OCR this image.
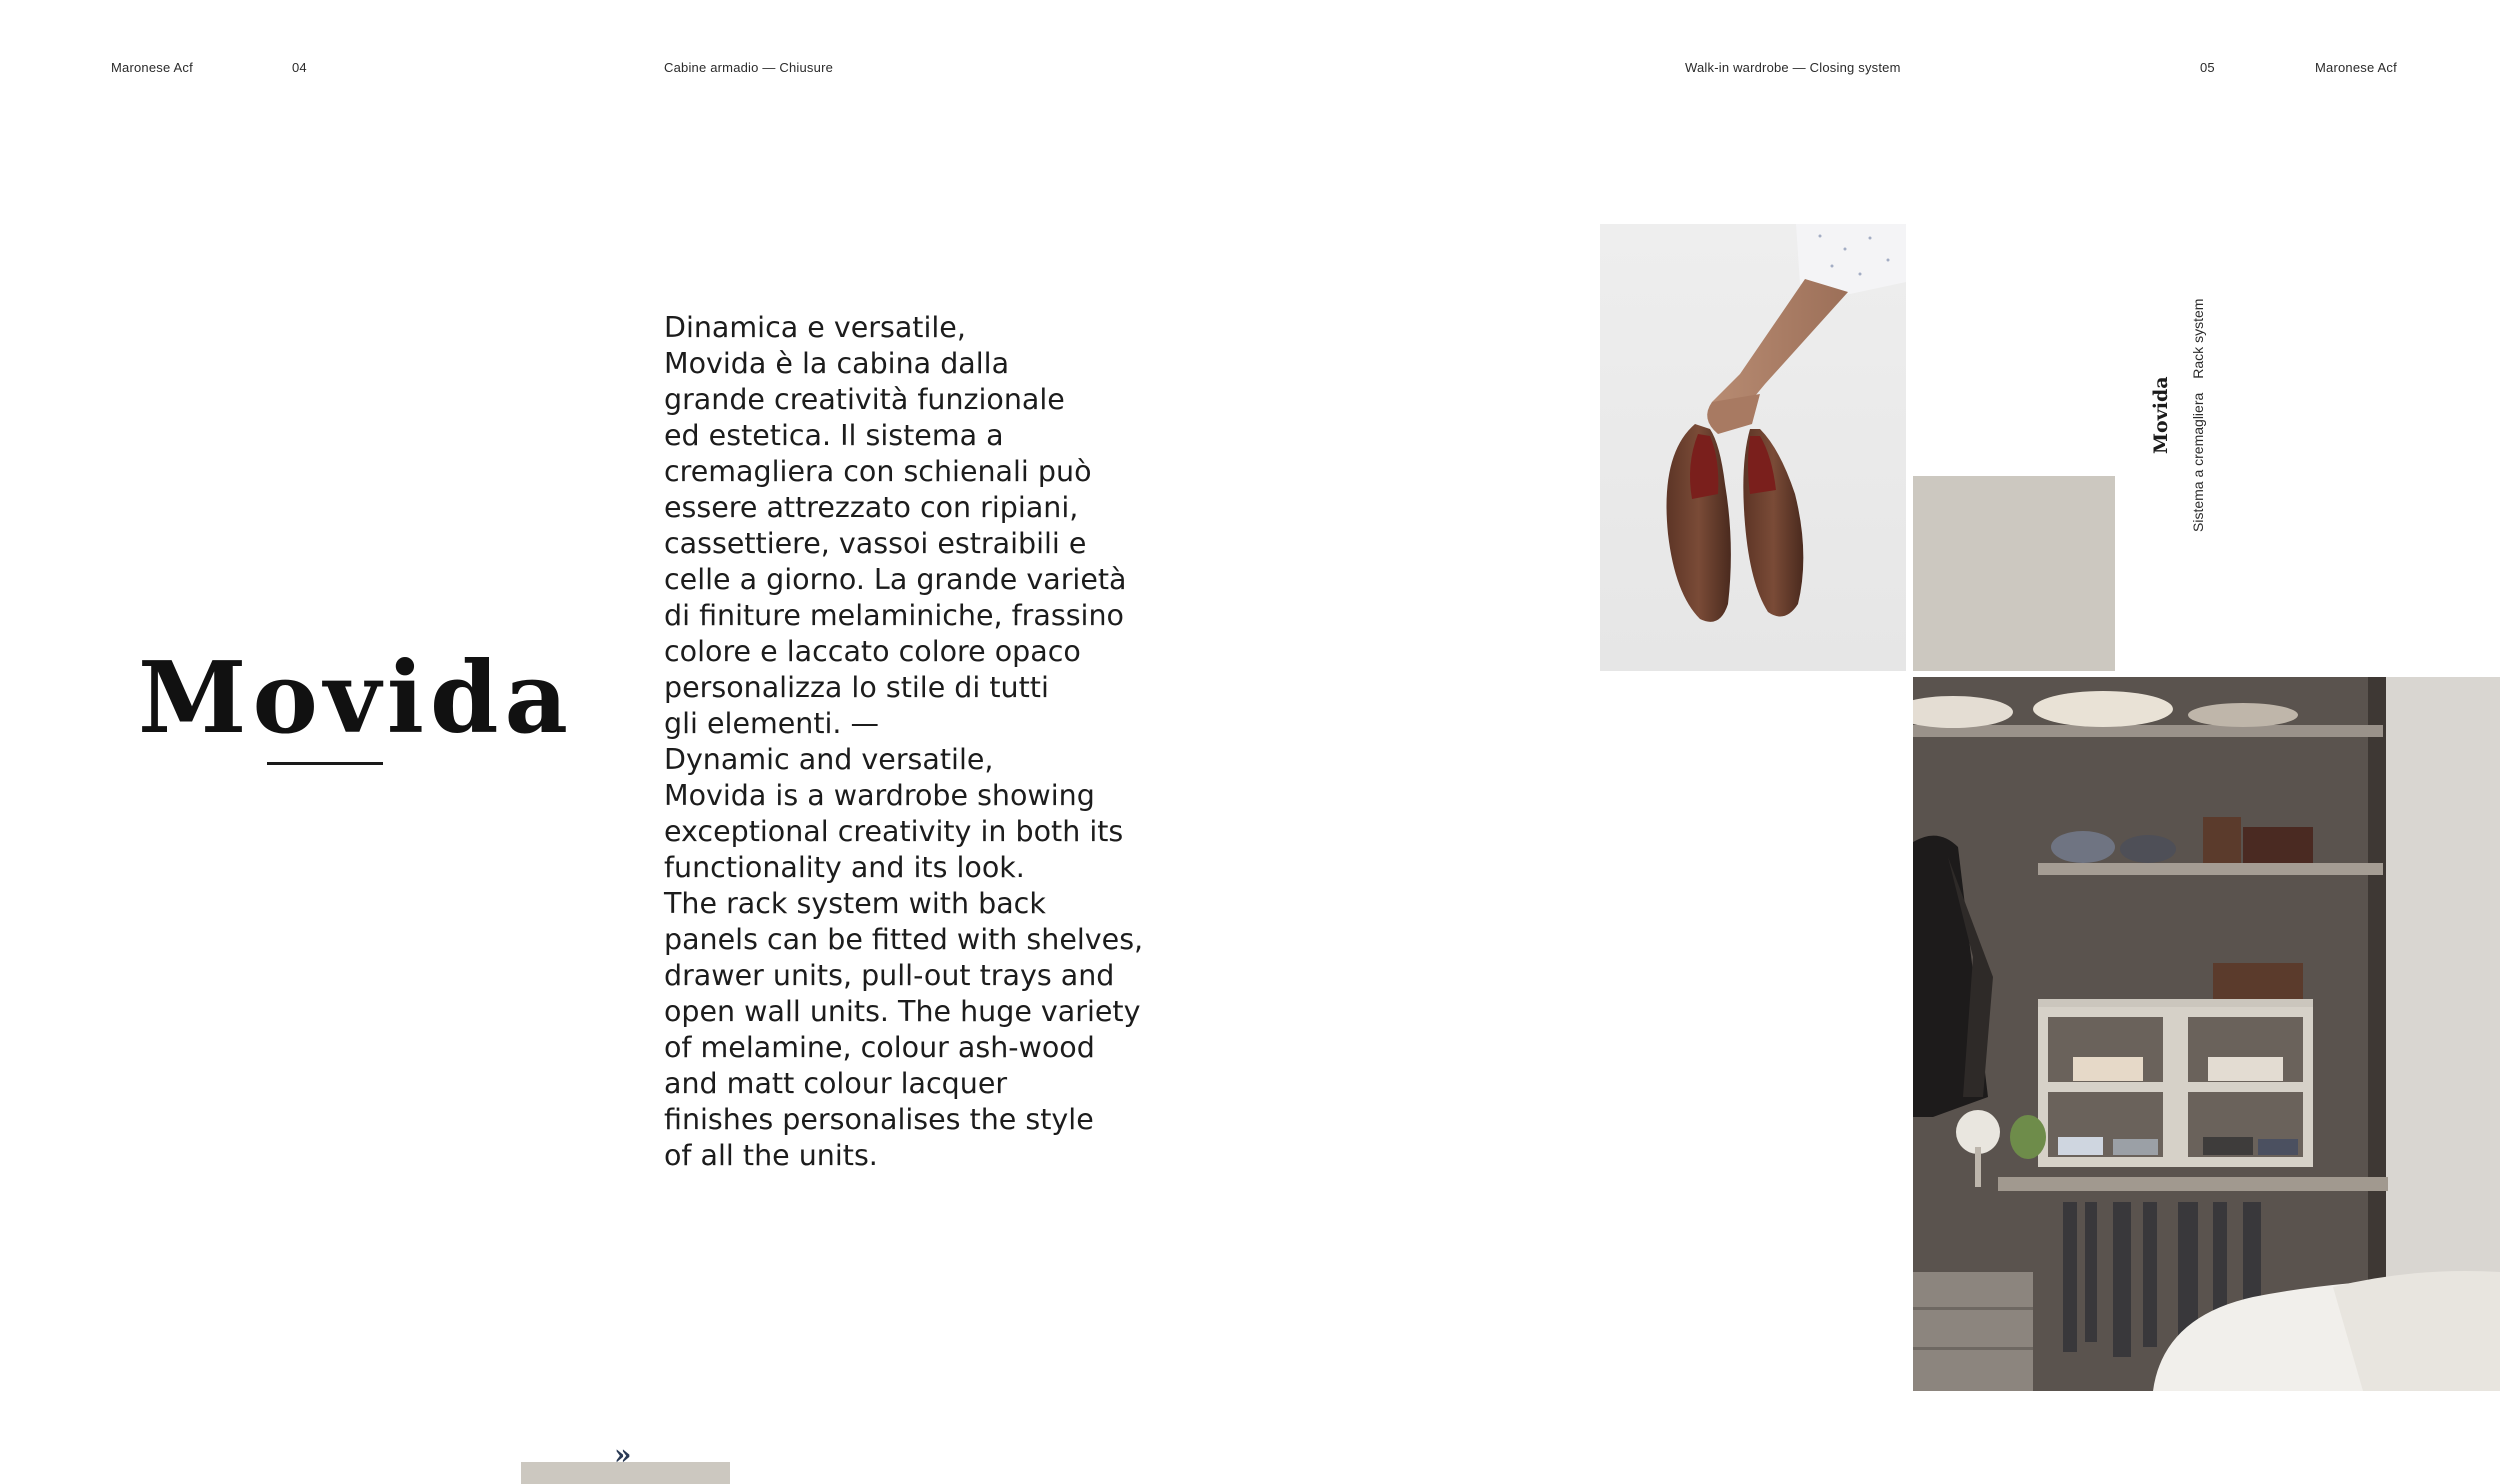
Maronese Acf	04	Cabine armadio — Chiusure	Walk-in wardrobe — Closing system	05	Maronese Acf
Movida
Dinamica e versatile,
Movida è la cabina dalla
grande creatività funzionale
ed estetica. Il sistema a
cremagliera con schienali può
essere attrezzato con ripiani,
cassettiere, vassoi estraibili e
celle a giorno. La grande varietà
di finiture melaminiche, frassino
colore e laccato colore opaco
personalizza lo stile di tutti
gli elementi. —
Dynamic and versatile,
Movida is a wardrobe showing
exceptional creativity in both its
functionality and its look.
The rack system with back
panels can be fitted with shelves,
drawer units, pull-out trays and
open wall units. The huge variety
of melamine, colour ash-wood
and matt colour lacquer
finishes personalises the style
of all the units.
Movida Sistema a cremaglieraRack system
»
